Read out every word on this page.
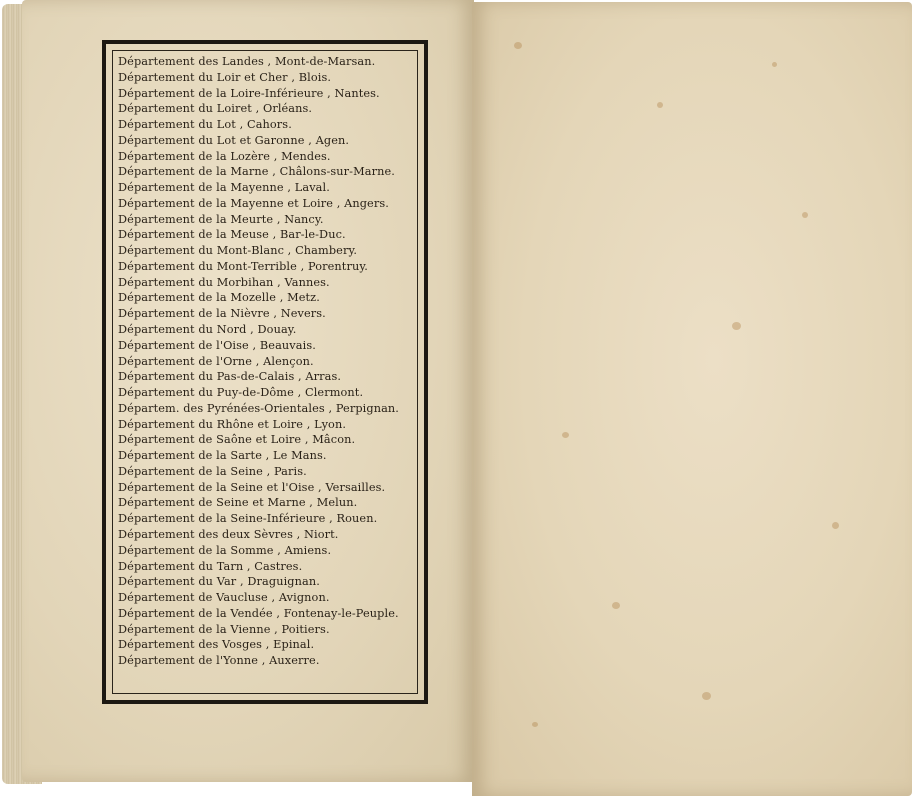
Département des Landes , Mont-de-Marsan.
Département du Loir et Cher , Blois.
Département de la Loire-Inférieure , Nantes.
Département du Loiret , Orléans.
Département du Lot , Cahors.
Département du Lot et Garonne , Agen.
Département de la Lozère , Mendes.
Département de la Marne , Châlons-sur-Marne.
Département de la Mayenne , Laval.
Département de la Mayenne et Loire , Angers.
Département de la Meurte , Nancy.
Département de la Meuse , Bar-le-Duc.
Département du Mont-Blanc , Chambery.
Département du Mont-Terrible , Porentruy.
Département du Morbihan , Vannes.
Département de la Mozelle , Metz.
Département de la Nièvre , Nevers.
Département du Nord , Douay.
Département de l'Oise , Beauvais.
Département de l'Orne , Alençon.
Département du Pas-de-Calais , Arras.
Département du Puy-de-Dôme , Clermont.
Départem. des Pyrénées-Orientales , Perpignan.
Département du Rhône et Loire , Lyon.
Département de Saône et Loire , Mâcon.
Département de la Sarte , Le Mans.
Département de la Seine , Paris.
Département de la Seine et l'Oise , Versailles.
Département de Seine et Marne , Melun.
Département de la Seine-Inférieure , Rouen.
Département des deux Sèvres , Niort.
Département de la Somme , Amiens.
Département du Tarn , Castres.
Département du Var , Draguignan.
Département de Vaucluse , Avignon.
Département de la Vendée , Fontenay-le-Peuple.
Département de la Vienne , Poitiers.
Département des Vosges , Epinal.
Département de l'Yonne , Auxerre.
